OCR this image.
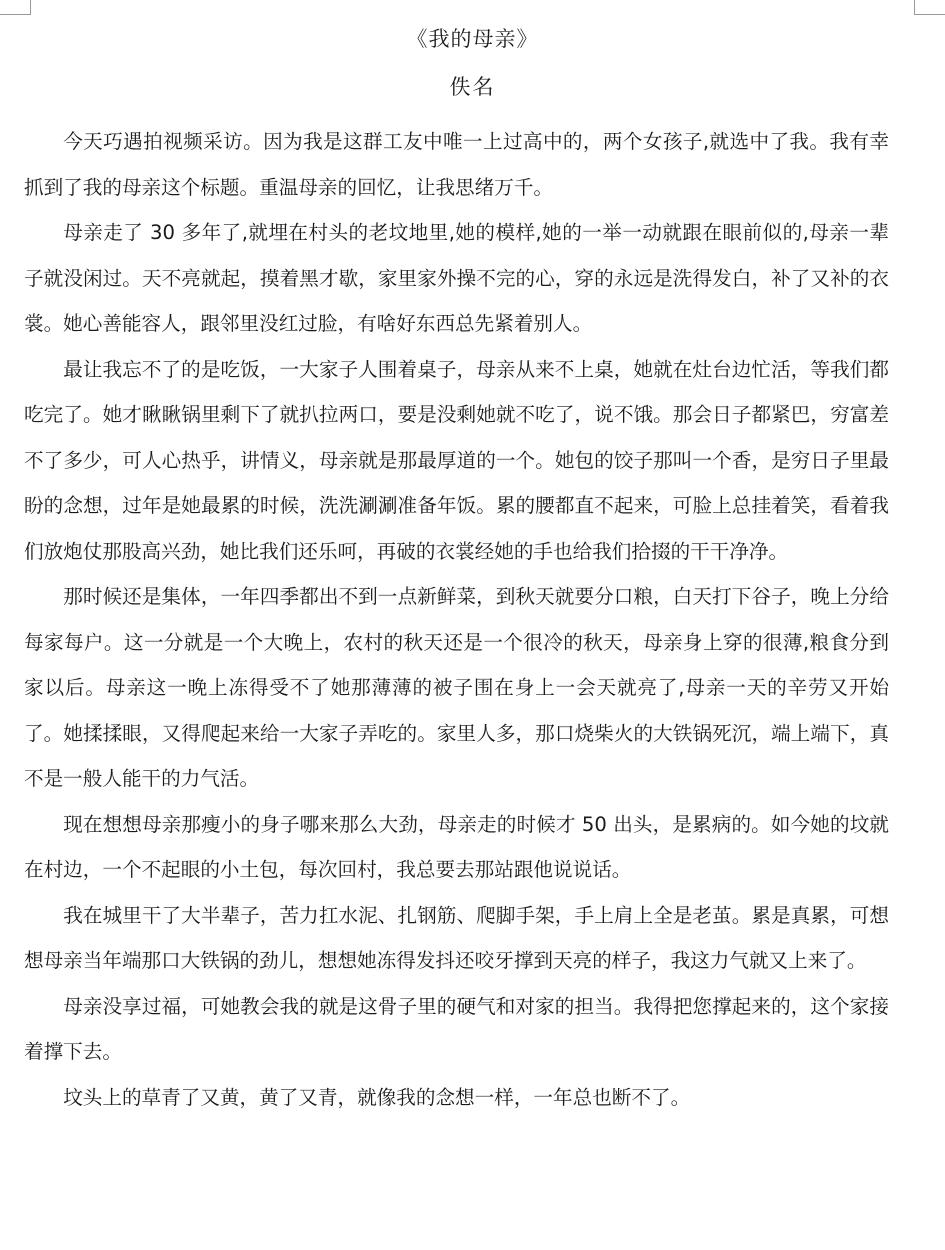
《我的母亲》
佚名

今天巧遇拍视频采访。因为我是这群工友中唯一上过高中的，两个女孩子,就选中了我。我有幸抓到了我的母亲这个标题。重温母亲的回忆，让我思绪万千。

母亲走了 30 多年了,就埋在村头的老坟地里,她的模样,她的一举一动就跟在眼前似的,母亲一辈子就没闲过。天不亮就起，摸着黑才歇，家里家外操不完的心，穿的永远是洗得发白，补了又补的衣裳。她心善能容人，跟邻里没红过脸，有啥好东西总先紧着别人。

最让我忘不了的是吃饭，一大家子人围着桌子，母亲从来不上桌，她就在灶台边忙活，等我们都吃完了。她才瞅瞅锅里剩下了就扒拉两口，要是没剩她就不吃了，说不饿。那会日子都紧巴，穷富差不了多少，可人心热乎，讲情义，母亲就是那最厚道的一个。她包的饺子那叫一个香，是穷日子里最盼的念想，过年是她最累的时候，洗洗涮涮准备年饭。累的腰都直不起来，可脸上总挂着笑，看着我们放炮仗那股高兴劲，她比我们还乐呵，再破的衣裳经她的手也给我们拾掇的干干净净。

那时候还是集体，一年四季都出不到一点新鲜菜，到秋天就要分口粮，白天打下谷子，晚上分给每家每户。这一分就是一个大晚上，农村的秋天还是一个很冷的秋天，母亲身上穿的很薄,粮食分到家以后。母亲这一晚上冻得受不了她那薄薄的被子围在身上一会天就亮了,母亲一天的辛劳又开始了。她揉揉眼，又得爬起来给一大家子弄吃的。家里人多，那口烧柴火的大铁锅死沉，端上端下，真不是一般人能干的力气活。

现在想想母亲那瘦小的身子哪来那么大劲，母亲走的时候才 50 出头，是累病的。如今她的坟就在村边，一个不起眼的小土包，每次回村，我总要去那站跟他说说话。

我在城里干了大半辈子，苦力扛水泥、扎钢筋、爬脚手架，手上肩上全是老茧。累是真累，可想想母亲当年端那口大铁锅的劲儿，想想她冻得发抖还咬牙撑到天亮的样子，我这力气就又上来了。

母亲没享过福，可她教会我的就是这骨子里的硬气和对家的担当。我得把您撑起来的，这个家接着撑下去。

坟头上的草青了又黄，黄了又青，就像我的念想一样，一年总也断不了。
